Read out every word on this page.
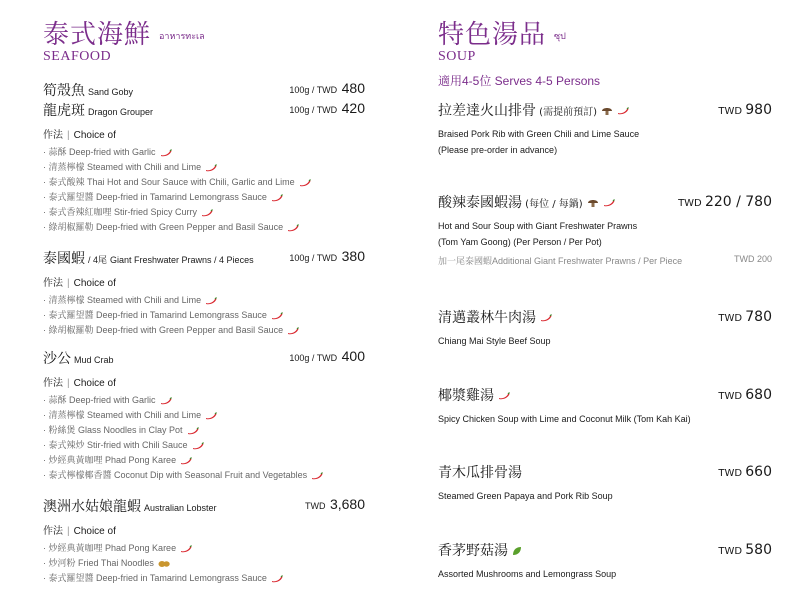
泰式海鮮 อาหารทะเล
SEAFOOD
筍殼魚 Sand Goby	100g / TWD 480
龍虎斑 Dragon Grouper	100g / TWD 420
作法 | Choice of
· 蒜酥 Deep-fried with Garlic
· 清蒸檸檬 Steamed with Chili and Lime
· 泰式酸辣 Thai Hot and Sour Sauce with Chili, Garlic and Lime
· 泰式羅望醬 Deep-fried in Tamarind Lemongrass Sauce
· 泰式香辣紅咖哩 Stir-fried Spicy Curry
· 綠胡椒羅勒 Deep-fried with Green Pepper and Basil Sauce
泰國蝦 / 4尾 Giant Freshwater Prawns / 4 Pieces	100g / TWD 380
作法 | Choice of
· 清蒸檸檬 Steamed with Chili and Lime
· 泰式羅望醬 Deep-fried in Tamarind Lemongrass Sauce
· 綠胡椒羅勒 Deep-fried with Green Pepper and Basil Sauce
沙公 Mud Crab	100g / TWD 400
作法 | Choice of
· 蒜酥 Deep-fried with Garlic
· 清蒸檸檬 Steamed with Chili and Lime
· 粉絲煲 Glass Noodles in Clay Pot
· 泰式辣炒 Stir-fried with Chili Sauce
· 炒經典黃咖哩 Phad Pong Karee
· 泰式檸檬椰香醬 Coconut Dip with Seasonal Fruit and Vegetables
澳洲水姑娘龍蝦 Australian Lobster	TWD 3,680
作法 | Choice of
· 炒經典黃咖哩 Phad Pong Karee
· 炒河粉 Fried Thai Noodles
· 泰式羅望醬 Deep-fried in Tamarind Lemongrass Sauce
特色湯品 ซุป
SOUP
適用4-5位 Serves 4-5 Persons
拉差達火山排骨 (需提前預訂)	TWD 980
Braised Pork Rib with Green Chili and Lime Sauce
(Please pre-order in advance)
酸辣泰國蝦湯 (每位 / 每鍋)	TWD 220 / 780
Hot and Sour Soup with Giant Freshwater Prawns
(Tom Yam Goong) (Per Person / Per Pot)
加一尾泰國蝦Additional Giant Freshwater Prawns / Per Piece	TWD 200
清邁叢林牛肉湯	TWD 780
Chiang Mai Style Beef Soup
椰漿雞湯	TWD 680
Spicy Chicken Soup with Lime and Coconut Milk (Tom Kah Kai)
青木瓜排骨湯	TWD 660
Steamed Green Papaya and Pork Rib Soup
香茅野菇湯	TWD 580
Assorted Mushrooms and Lemongrass Soup
